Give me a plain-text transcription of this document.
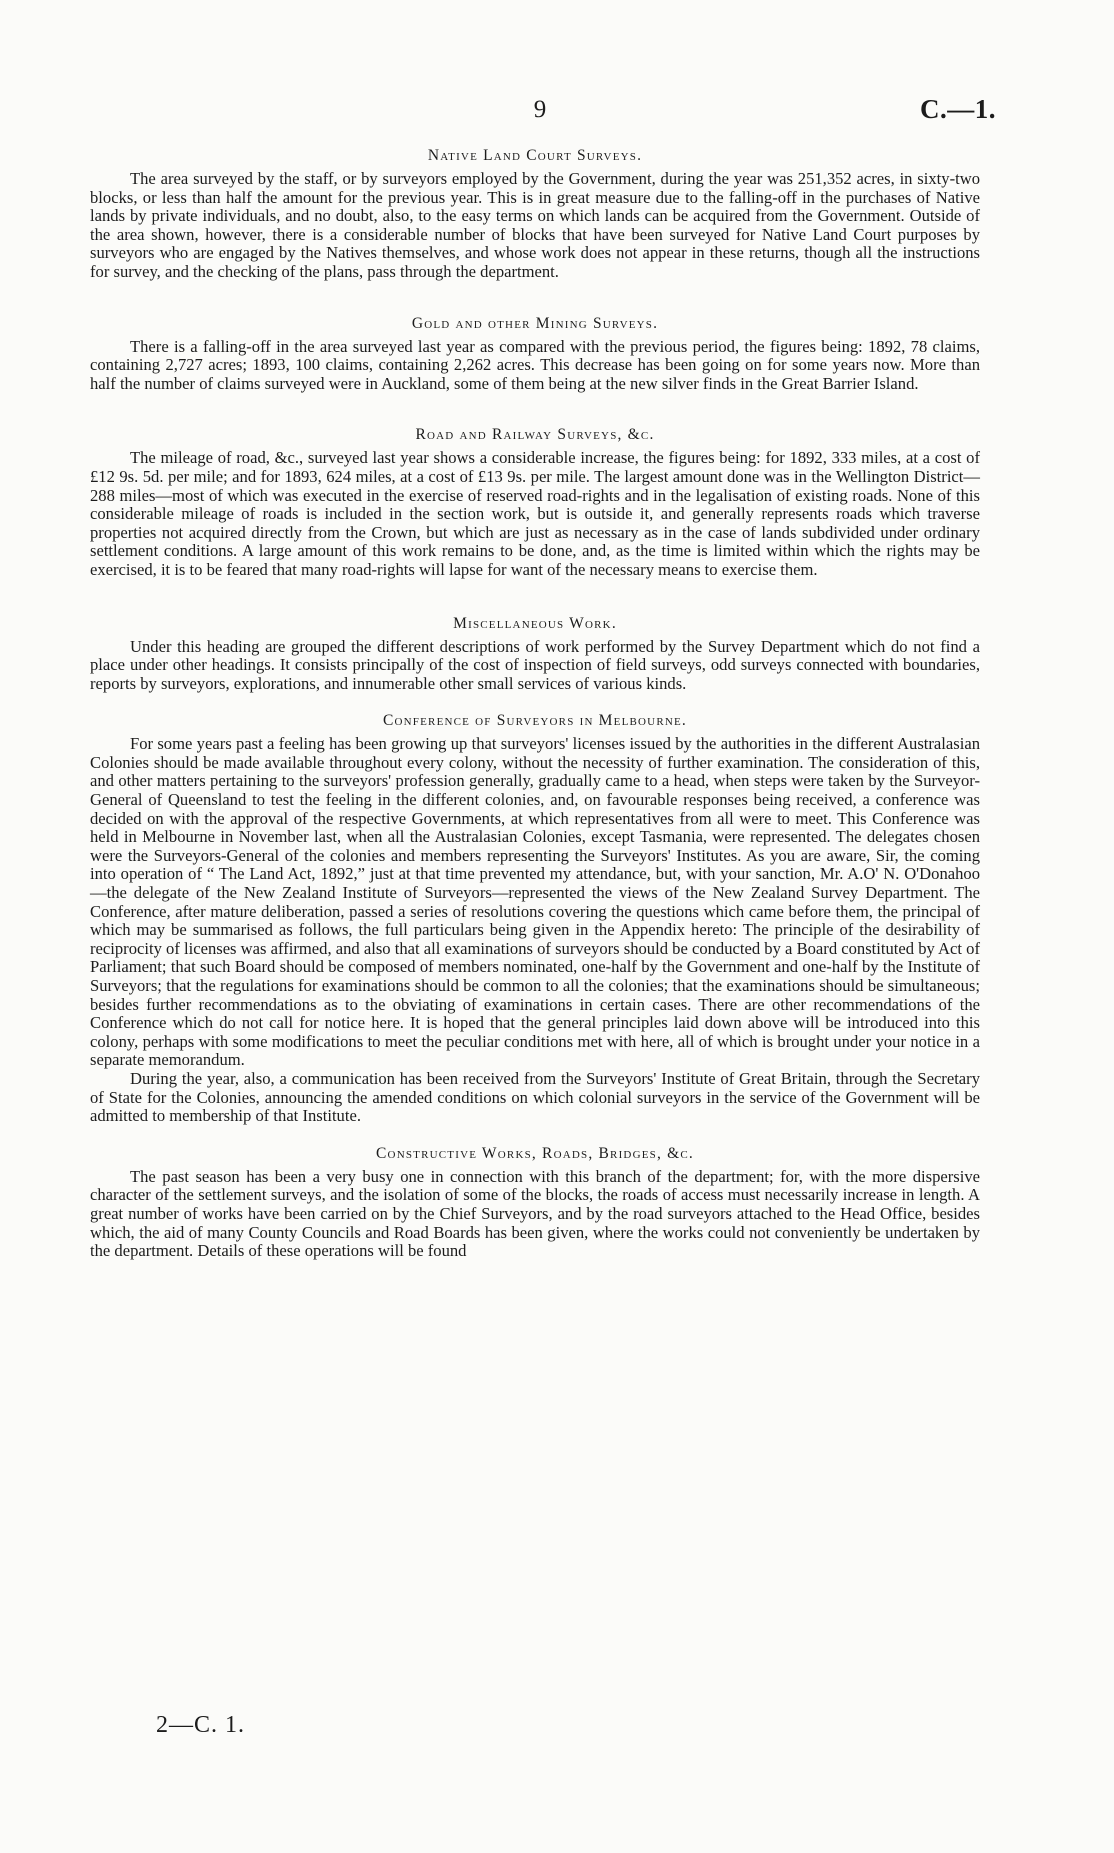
9	C.—1.
Native Land Court Surveys.

The area surveyed by the staff, or by surveyors employed by the Government, during the year was 251,352 acres, in sixty-two blocks, or less than half the amount for the previous year. This is in great measure due to the falling-off in the purchases of Native lands by private individuals, and no doubt, also, to the easy terms on which lands can be acquired from the Government. Outside of the area shown, however, there is a considerable number of blocks that have been surveyed for Native Land Court purposes by surveyors who are engaged by the Natives themselves, and whose work does not appear in these returns, though all the instructions for survey, and the checking of the plans, pass through the department.

Gold and other Mining Surveys.

There is a falling-off in the area surveyed last year as compared with the previous period, the figures being: 1892, 78 claims, containing 2,727 acres; 1893, 100 claims, containing 2,262 acres. This decrease has been going on for some years now. More than half the number of claims surveyed were in Auckland, some of them being at the new silver finds in the Great Barrier Island.

Road and Railway Surveys, &c.

The mileage of road, &c., surveyed last year shows a considerable increase, the figures being: for 1892, 333 miles, at a cost of £12 9s. 5d. per mile; and for 1893, 624 miles, at a cost of £13 9s. per mile. The largest amount done was in the Wellington District—288 miles—most of which was executed in the exercise of reserved road-rights and in the legalisation of existing roads. None of this considerable mileage of roads is included in the section work, but is outside it, and generally represents roads which traverse properties not acquired directly from the Crown, but which are just as necessary as in the case of lands subdivided under ordinary settlement conditions. A large amount of this work remains to be done, and, as the time is limited within which the rights may be exercised, it is to be feared that many road-rights will lapse for want of the necessary means to exercise them.

Miscellaneous Work.

Under this heading are grouped the different descriptions of work performed by the Survey Department which do not find a place under other headings. It consists principally of the cost of inspection of field surveys, odd surveys connected with boundaries, reports by surveyors, explorations, and innumerable other small services of various kinds.

Conference of Surveyors in Melbourne.

For some years past a feeling has been growing up that surveyors' licenses issued by the authorities in the different Australasian Colonies should be made available throughout every colony, without the necessity of further examination. The consideration of this, and other matters pertaining to the surveyors' profession generally, gradually came to a head, when steps were taken by the Surveyor-General of Queensland to test the feeling in the different colonies, and, on favourable responses being received, a conference was decided on with the approval of the respective Governments, at which representatives from all were to meet. This Conference was held in Melbourne in November last, when all the Australasian Colonies, except Tasmania, were represented. The delegates chosen were the Surveyors-General of the colonies and members representing the Surveyors' Institutes. As you are aware, Sir, the coming into operation of “ The Land Act, 1892,” just at that time prevented my attendance, but, with your sanction, Mr. A.O' N. O'Donahoo—the delegate of the New Zealand Institute of Surveyors—represented the views of the New Zealand Survey Department. The Conference, after mature deliberation, passed a series of resolutions covering the questions which came before them, the principal of which may be summarised as follows, the full particulars being given in the Appendix hereto: The principle of the desirability of reciprocity of licenses was affirmed, and also that all examinations of surveyors should be conducted by a Board constituted by Act of Parliament; that such Board should be composed of members nominated, one-half by the Government and one-half by the Institute of Surveyors; that the regulations for examinations should be common to all the colonies; that the examinations should be simultaneous; besides further recommendations as to the obviating of examinations in certain cases. There are other recommendations of the Conference which do not call for notice here. It is hoped that the general principles laid down above will be introduced into this colony, perhaps with some modifications to meet the peculiar conditions met with here, all of which is brought under your notice in a separate memorandum.

During the year, also, a communication has been received from the Surveyors' Institute of Great Britain, through the Secretary of State for the Colonies, announcing the amended conditions on which colonial surveyors in the service of the Government will be admitted to membership of that Institute.

Constructive Works, Roads, Bridges, &c.

The past season has been a very busy one in connection with this branch of the department; for, with the more dispersive character of the settlement surveys, and the isolation of some of the blocks, the roads of access must necessarily increase in length. A great number of works have been carried on by the Chief Surveyors, and by the road surveyors attached to the Head Office, besides which, the aid of many County Councils and Road Boards has been given, where the works could not conveniently be undertaken by the department. Details of these operations will be found

2—C. 1.
